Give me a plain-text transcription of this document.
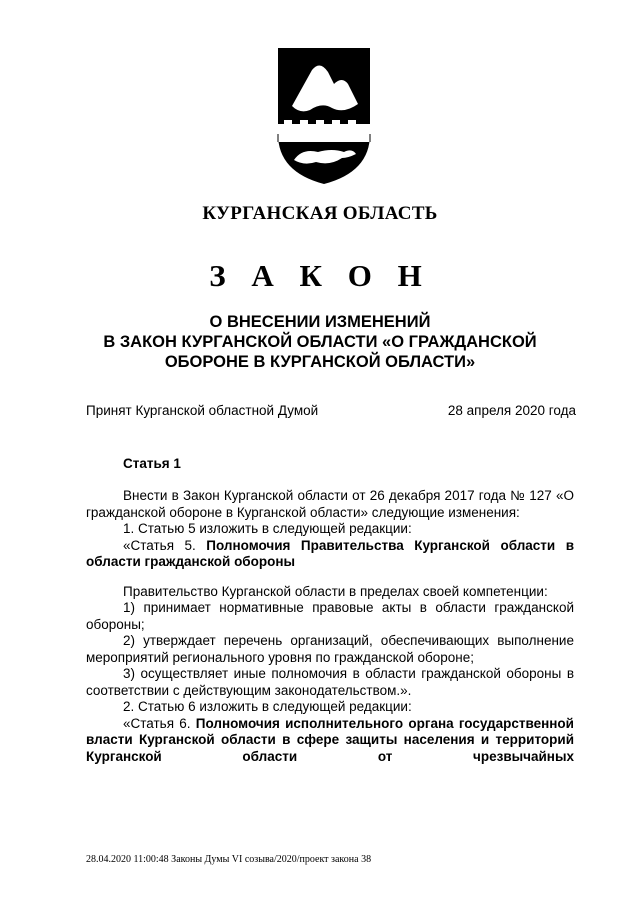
КУРГАНСКАЯ ОБЛАСТЬ
З А К О Н
О ВНЕСЕНИИ ИЗМЕНЕНИЙ
В ЗАКОН КУРГАНСКОЙ ОБЛАСТИ «О ГРАЖДАНСКОЙ
ОБОРОНЕ В КУРГАНСКОЙ ОБЛАСТИ»
Принят Курганской областной Думой	28 апреля 2020 года
Статья 1

Внести в Закон Курганской области от 26 декабря 2017 года № 127 «О гражданской обороне в Курганской области» следующие изменения:

1. Статью 5 изложить в следующей редакции:

«Статья 5. Полномочия Правительства Курганской области в области гражданской обороны

Правительство Курганской области в пределах своей компетенции:

1) принимает нормативные правовые акты в области гражданской обороны;

2) утверждает перечень организаций, обеспечивающих выполнение мероприятий регионального уровня по гражданской обороне;

3) осуществляет иные полномочия в области гражданской обороны в соответствии с действующим законодательством.».

2. Статью 6 изложить в следующей редакции:

«Статья 6. Полномочия исполнительного органа государственной власти Курганской области в сфере защиты населения и территорий Курганской области от чрезвычайных

28.04.2020 11:00:48 Законы Думы VI созыва/2020/проект закона 38
